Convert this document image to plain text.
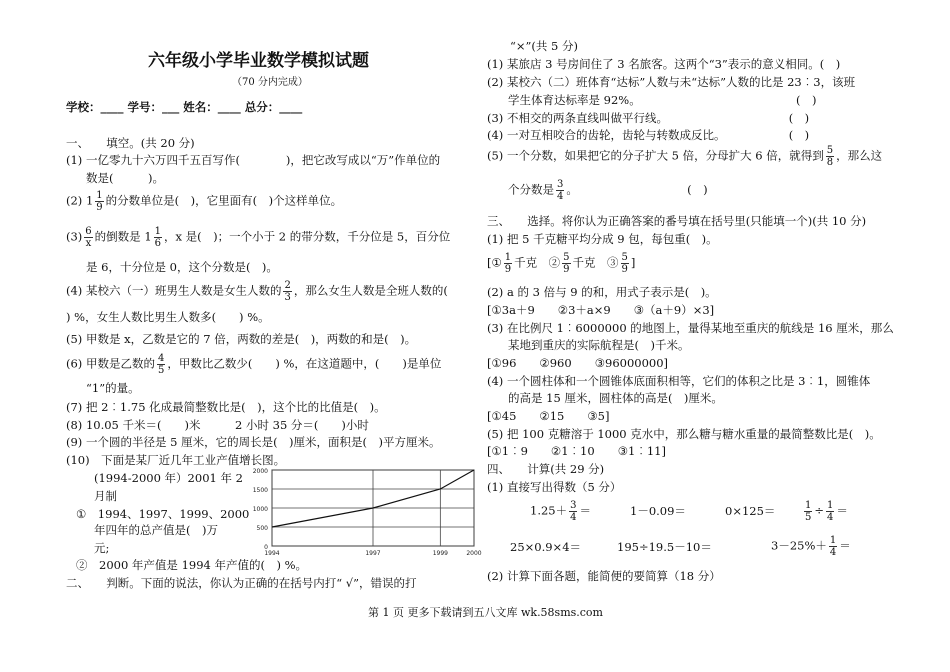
六年级小学毕业数学模拟试题
（70 分内完成）
学校：____ 学号：___ 姓名：____ 总分：____
一、　　填空。(共 20 分)
(1) 一亿零九十六万四千五百写作(　　　　)，把它改写成以“万”作单位的
数是(　　　)。
(2) $1 \frac{1}{9}$ 的分数单位是(　)，它里面有(　)个这样单位。
$(3) \frac{6}{x}$ 的倒数是 $1 \frac{1}{6}$ ，x 是(　)；一个小于 2 的带分数，千分位是 5，百分位
是 6，十分位是 0，这个分数是(　)。
(4) 某校六（一）班男生人数是女生人数的 $\frac{2}{3}$ ，那么女生人数是全班人数的(
) %，女生人数比男生人数多(　　) %。
(5) 甲数是 x，乙数是它的 7 倍，两数的差是(　)，两数的和是(　)。
(6) 甲数是乙数的 $\frac{4}{5}$ ，甲数比乙数少(　　) %，在这道题中，(　　)是单位
“1”的量。
(7) 把 2︰1.75 化成最简整数比是(　)，这个比的比值是(　)。
(8) 10.05 千米＝(　　)米　　　2 小时 35 分＝(　　)小时
(9) 一个圆的半径是 5 厘米，它的周长是(　)厘米，面积是(　)平方厘米。
(10)　下面是某厂近几年工业产值增长图。
(1994-2000 年）2001 年 2
月制
①　1994、1997、1999、2000
年四年的总产值是(　)万
元;
②　2000 年产值是 1994 年产值的(　) %。
二、　　判断。下面的说法，你认为正确的在括号内打“ √”，错误的打
0
500
1000
1500
2000
1994	1997	1999	2000
“×”(共 5 分)
(1) 某旅店 3 号房间住了 3 名旅客。这两个“3”表示的意义相同。(　)
(2) 某校六（二）班体育“达标”人数与未“达标”人数的比是 23︰3，该班
学生体育达标率是 92%。　　　　　　　　　　　　　　(　)
(3) 不相交的两条直线叫做平行线。　　　　　　　　　　　(　)
(4) 一对互相咬合的齿轮，齿轮与转数成反比。　　　　　　(　)
(5) 一个分数，如果把它的分子扩大 5 倍，分母扩大 6 倍，就得到 $\frac{5}{8}$ ，那么这
个分数是 $\frac{3}{4}$ 。　　　　　　　　　　(　)
三、　　选择。将你认为正确答案的番号填在括号里(只能填一个)(共 10 分)
(1) 把 5 千克糖平均分成 9 包，每包重(　)。
[① $\frac{1}{9}$ 千克　② $\frac{5}{9}$ 千克　③ $\frac{5}{9}$ ]
(2) a 的 3 倍与 9 的和，用式子表示是(　)。
[①3a＋9　　②3＋a×9　　③（a＋9）×3]
(3) 在比例尺 1︰6000000 的地图上，量得某地至重庆的航线是 16 厘米，那么
某地到重庆的实际航程是(　)千米。
[①96　　②960　　③96000000]
(4) 一个圆柱体和一个圆锥体底面积相等，它们的体积之比是 3︰1，圆锥体
的高是 15 厘米，圆柱体的高是(　)厘米。
[①45　　②15　　③5]
(5) 把 100 克糖溶于 1000 克水中，那么糖与糖水重量的最简整数比是(　)。
[①1︰9　　②1︰10　　③1︰11]
四、　　计算(共 29 分)
(1) 直接写出得数（5 分）
$1.25+ \frac{3}{4}$ ＝	1－0.09＝	0×125＝	$\frac{1}{5} \div \frac{1}{4}$ ＝
25×0.9×4＝	195÷19.5－10＝	$3-25\%+ \frac{1}{4}$ ＝
(2) 计算下面各题，能简便的要简算（18 分）
第 1 页 更多下载请到五八文库 wk.58sms.com
